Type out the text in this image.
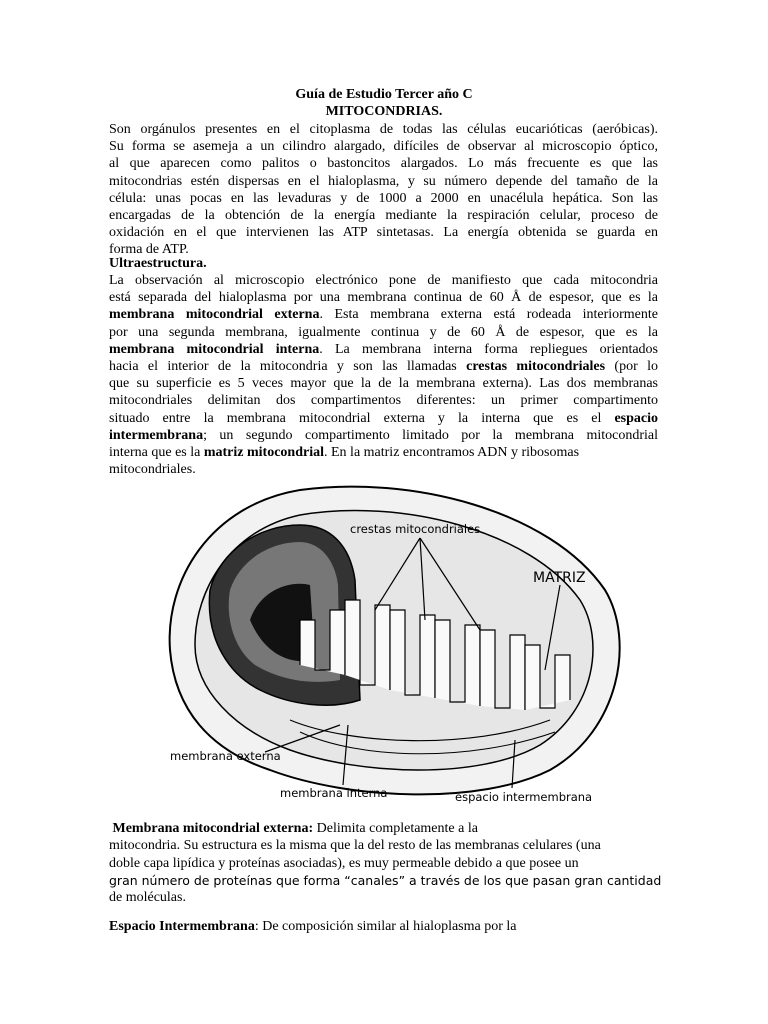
Guía de Estudio Tercer año C
MITOCONDRIAS.
Son orgánulos presentes en el citoplasma de todas las células eucarióticas (aeróbicas).
Su forma se asemeja a un cilindro alargado, difíciles de observar al microscopio óptico,
al que aparecen como palitos o bastoncitos alargados. Lo más frecuente es que las
mitocondrias estén dispersas en el hialoplasma, y su número depende del tamaño de la
célula: unas pocas en las levaduras y de 1000 a 2000 en unacélula hepática. Son las
encargadas de la obtención de la energía mediante la respiración celular, proceso de
oxidación en el que intervienen las ATP sintetasas. La energía obtenida se guarda en
forma de ATP.
Ultraestructura.
La observación al microscopio electrónico pone de manifiesto que cada mitocondria
está separada del hialoplasma por una membrana continua de 60 Å de espesor, que es la
membrana mitocondrial externa. Esta membrana externa está rodeada interiormente
por una segunda membrana, igualmente continua y de 60 Å de espesor, que es la
membrana mitocondrial interna. La membrana interna forma repliegues orientados
hacia el interior de la mitocondria y son las llamadas crestas mitocondriales (por lo
que su superficie es 5 veces mayor que la de la membrana externa). Las dos membranas
mitocondriales delimitan dos compartimentos diferentes: un primer compartimento
situado entre la membrana mitocondrial externa y la interna que es el espacio
intermembrana; un segundo compartimento limitado por la membrana mitocondrial
interna que es la matriz mitocondrial. En la matriz encontramos ADN y ribosomas
mitocondriales.
crestas mitocondriales
MATRIZ
membrana externa
membrana interna	espacio intermembrana
Membrana mitocondrial externa: Delimita completamente a la
mitocondria. Su estructura es la misma que la del resto de las membranas celulares (una
doble capa lipídica y proteínas asociadas), es muy permeable debido a que posee un
gran número de proteínas que forma “canales” a través de los que pasan gran cantidad
de moléculas.
Espacio Intermembrana: De composición similar al hialoplasma por la
